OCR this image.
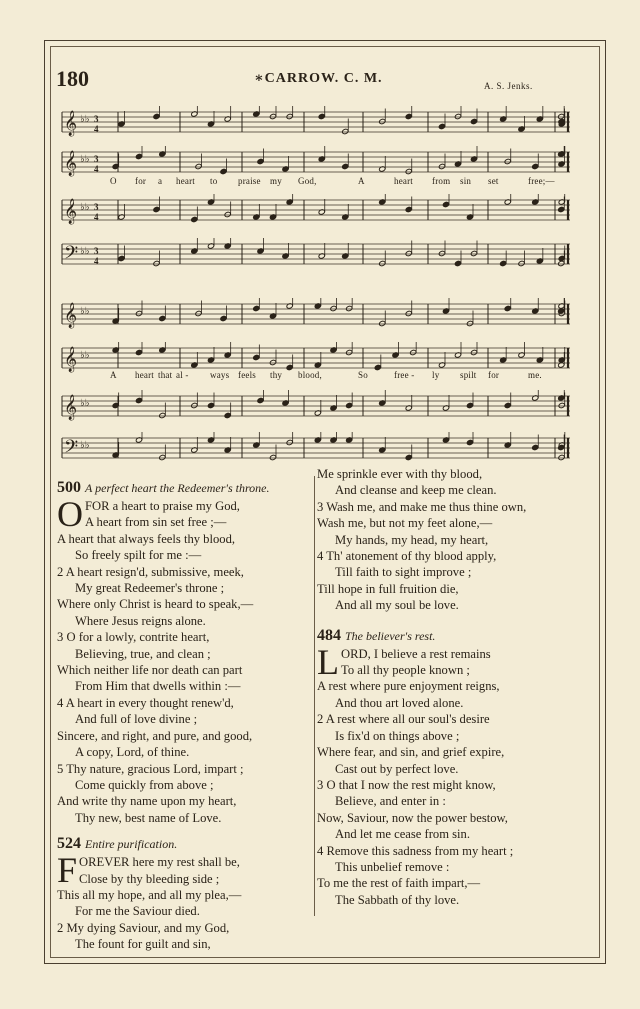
180	∗CARROW. C. M.	A. S. Jenks.
𝄞 ♭♭ 3
4
𝄞 ♭♭ 3
4
O for a heart to praise my God,	A	heart from sin set	free;—
𝄞 ♭♭ 3
4
𝄢 ♭♭ 3
4
𝄞 ♭♭
𝄞 ♭♭
A heart that al - ways feels thy blood,	So	free - ly spilt for	me.
𝄞 ♭♭
𝄢 ♭♭
500 A perfect heart the Redeemer's throne.
O FOR a heart to praise my God,
A heart from sin set free ;—
A heart that always feels thy blood,
So freely spilt for me :—
2 A heart resign'd, submissive, meek,
My great Redeemer's throne ;
Where only Christ is heard to speak,—
Where Jesus reigns alone.
3 O for a lowly, contrite heart,
Believing, true, and clean ;
Which neither life nor death can part
From Him that dwells within :—
4 A heart in every thought renew'd,
And full of love divine ;
Sincere, and right, and pure, and good,
A copy, Lord, of thine.
5 Thy nature, gracious Lord, impart ;
Come quickly from above ;
And write thy name upon my heart,
Thy new, best name of Love.
524 Entire purification.
F OREVER here my rest shall be,
Close by thy bleeding side ;
This all my hope, and all my plea,—
For me the Saviour died.
2 My dying Saviour, and my God,
The fount for guilt and sin,
Me sprinkle ever with thy blood,
And cleanse and keep me clean.
3 Wash me, and make me thus thine own,
Wash me, but not my feet alone,—
My hands, my head, my heart,
4 Th' atonement of thy blood apply,
Till faith to sight improve ;
Till hope in full fruition die,
And all my soul be love.
484 The believer's rest.
L ORD, I believe a rest remains
To all thy people known ;
A rest where pure enjoyment reigns,
And thou art loved alone.
2 A rest where all our soul's desire
Is fix'd on things above ;
Where fear, and sin, and grief expire,
Cast out by perfect love.
3 O that I now the rest might know,
Believe, and enter in :
Now, Saviour, now the power bestow,
And let me cease from sin.
4 Remove this sadness from my heart ;
This unbelief remove :
To me the rest of faith impart,—
The Sabbath of thy love.
